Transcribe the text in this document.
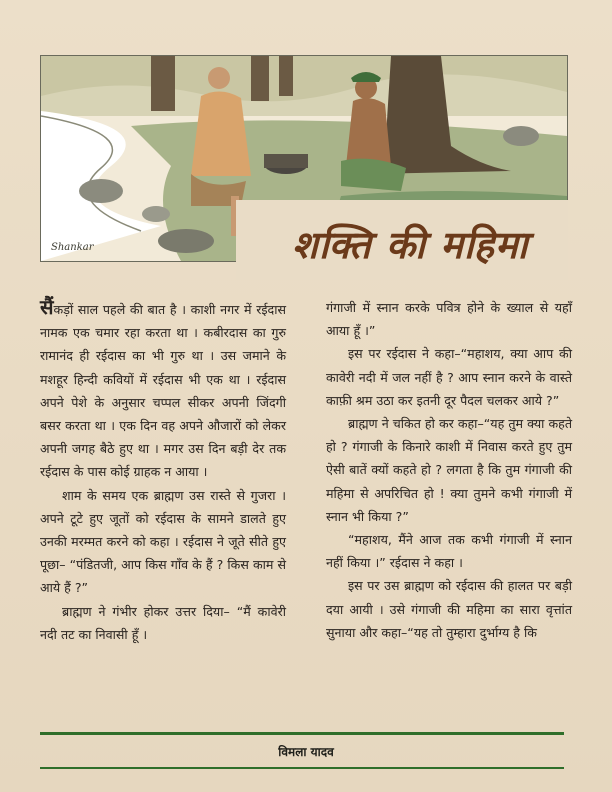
Shankar	शक्ति की महिमा

सैंकड़ों साल पहले की बात है । काशी नगर में रईदास नामक एक चमार रहा करता था । कबीरदास का गुरु रामानंद ही रईदास का भी गुरु था । उस जमाने के मशहूर हिन्दी कवियों में रईदास भी एक था । रईदास अपने पेशे के अनुसार चप्पल सीकर अपनी जिंदगी बसर करता था । एक दिन वह अपने औजारों को लेकर अपनी जगह बैठे हुए था । मगर उस दिन बड़ी देर तक रईदास के पास कोई ग्राहक न आया ।

शाम के समय एक ब्राह्मण उस रास्ते से गुजरा । अपने टूटे हुए जूतों को रईदास के सामने डालते हुए उनकी मरम्मत करने को कहा । रईदास ने जूते सीते हुए पूछा– “पंडितजी, आप किस गाँव के हैं ? किस काम से आये हैं ?”

ब्राह्मण ने गंभीर होकर उत्तर दिया– “मैं कावेरी नदी तट का निवासी हूँ ।

गंगाजी में स्नान करके पवित्र होने के ख्याल से यहाँ आया हूँ ।”

इस पर रईदास ने कहा–“महाशय, क्या आप की कावेरी नदी में जल नहीं है ? आप स्नान करने के वास्ते काफ़ी श्रम उठा कर इतनी दूर पैदल चलकर आये ?”

ब्राह्मण ने चकित हो कर कहा–“यह तुम क्या कहते हो ? गंगाजी के किनारे काशी में निवास करते हुए तुम ऐसी बातें क्यों कहते हो ? लगता है कि तुम गंगाजी की महिमा से अपरिचित हो ! क्या तुमने कभी गंगाजी में स्नान भी किया ?”

“महाशय, मैंने आज तक कभी गंगाजी में स्नान नहीं किया ।” रईदास ने कहा ।

इस पर उस ब्राह्मण को रईदास की हालत पर बड़ी दया आयी । उसे गंगाजी की महिमा का सारा वृत्तांत सुनाया और कहा–“यह तो तुम्हारा दुर्भाग्य है कि

विमला यादव
